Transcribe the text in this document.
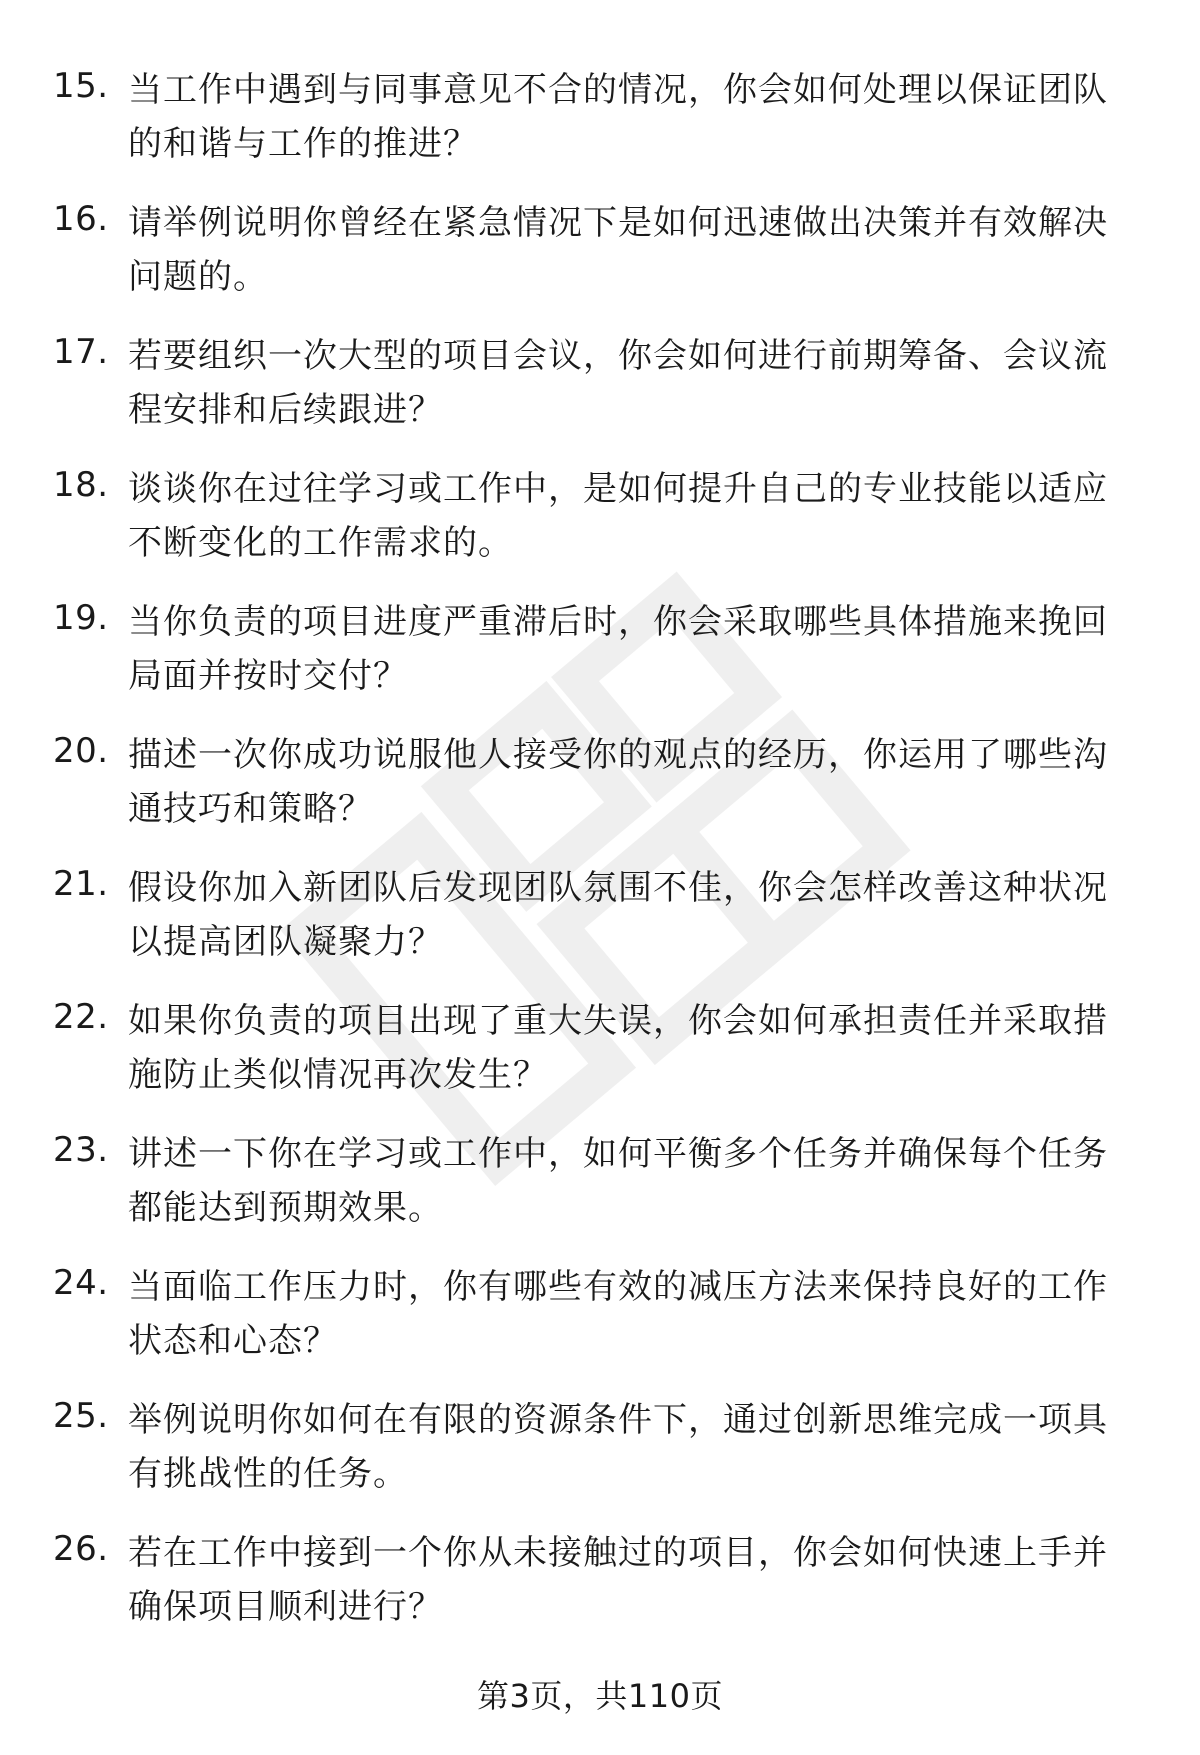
15. 当工作中遇到与同事意见不合的情况，你会如何处理以保证团队的和谐与工作的推进？
16. 请举例说明你曾经在紧急情况下是如何迅速做出决策并有效解决问题的。
17. 若要组织一次大型的项目会议，你会如何进行前期筹备、会议流程安排和后续跟进？
18. 谈谈你在过往学习或工作中，是如何提升自己的专业技能以适应不断变化的工作需求的。
19. 当你负责的项目进度严重滞后时，你会采取哪些具体措施来挽回局面并按时交付？
20. 描述一次你成功说服他人接受你的观点的经历，你运用了哪些沟通技巧和策略？
21. 假设你加入新团队后发现团队氛围不佳，你会怎样改善这种状况以提高团队凝聚力？
22. 如果你负责的项目出现了重大失误，你会如何承担责任并采取措施防止类似情况再次发生？
23. 讲述一下你在学习或工作中，如何平衡多个任务并确保每个任务都能达到预期效果。
24. 当面临工作压力时，你有哪些有效的减压方法来保持良好的工作状态和心态？
25. 举例说明你如何在有限的资源条件下，通过创新思维完成一项具有挑战性的任务。
26. 若在工作中接到一个你从未接触过的项目，你会如何快速上手并确保项目顺利进行？
第3页，共110页
